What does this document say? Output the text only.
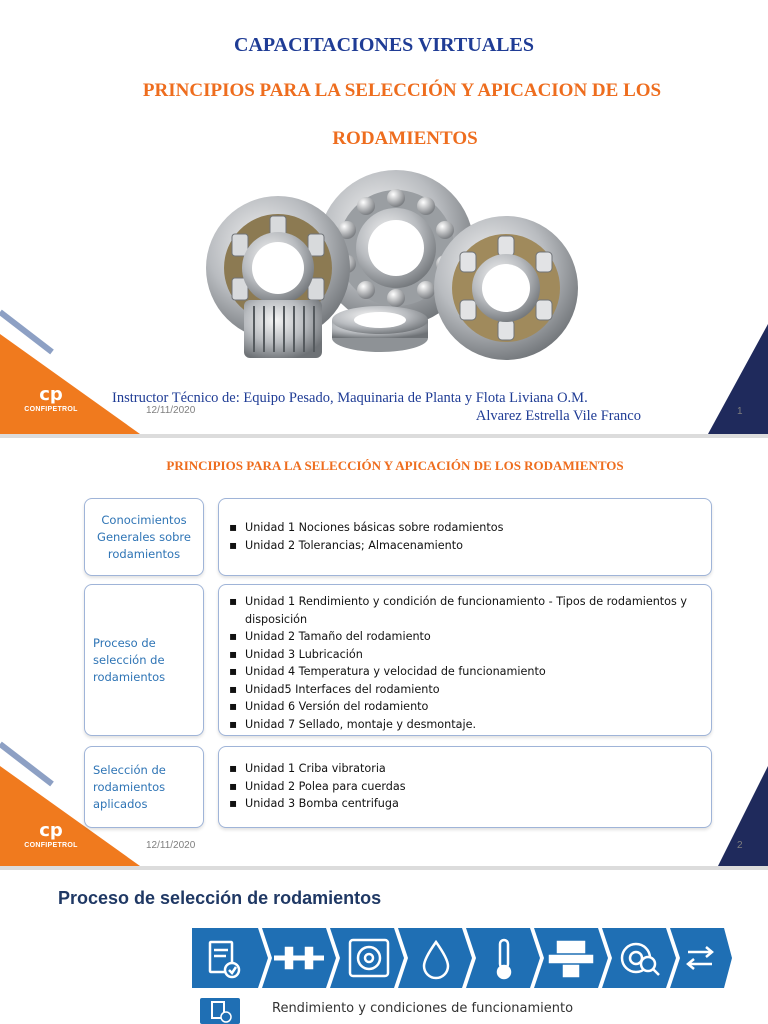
cp
CONFIPETROL
CAPACITACIONES VIRTUALES
PRINCIPIOS PARA LA SELECCIÓN Y APICACION DE LOS
RODAMIENTOS
Instructor Técnico de: Equipo Pesado, Maquinaria de Planta y Flota Liviana O.M.
Alvarez Estrella Vile Franco
12/11/2020	1
cp
CONFIPETROL
PRINCIPIOS PARA LA SELECCIÓN Y APICACIÓN DE LOS RODAMIENTOS
Conocimientos Generales sobre rodamientos
▪ Unidad 1 Nociones básicas sobre rodamientos
▪ Unidad 2 Tolerancias; Almacenamiento
Proceso de selección de rodamientos
▪ Unidad 1 Rendimiento y condición de funcionamiento - Tipos de rodamientos y disposición
▪ Unidad 2 Tamaño del rodamiento
▪ Unidad 3 Lubricación
▪ Unidad 4 Temperatura y velocidad de funcionamiento
▪ Unidad5 Interfaces del rodamiento
▪ Unidad 6 Versión del rodamiento
▪ Unidad 7 Sellado, montaje y desmontaje.
Selección de rodamientos aplicados
▪ Unidad 1 Criba vibratoria
▪ Unidad 2 Polea para cuerdas
▪ Unidad 3 Bomba centrifuga
12/11/2020	2
Proceso de selección de rodamientos
Rendimiento y condiciones de funcionamiento
